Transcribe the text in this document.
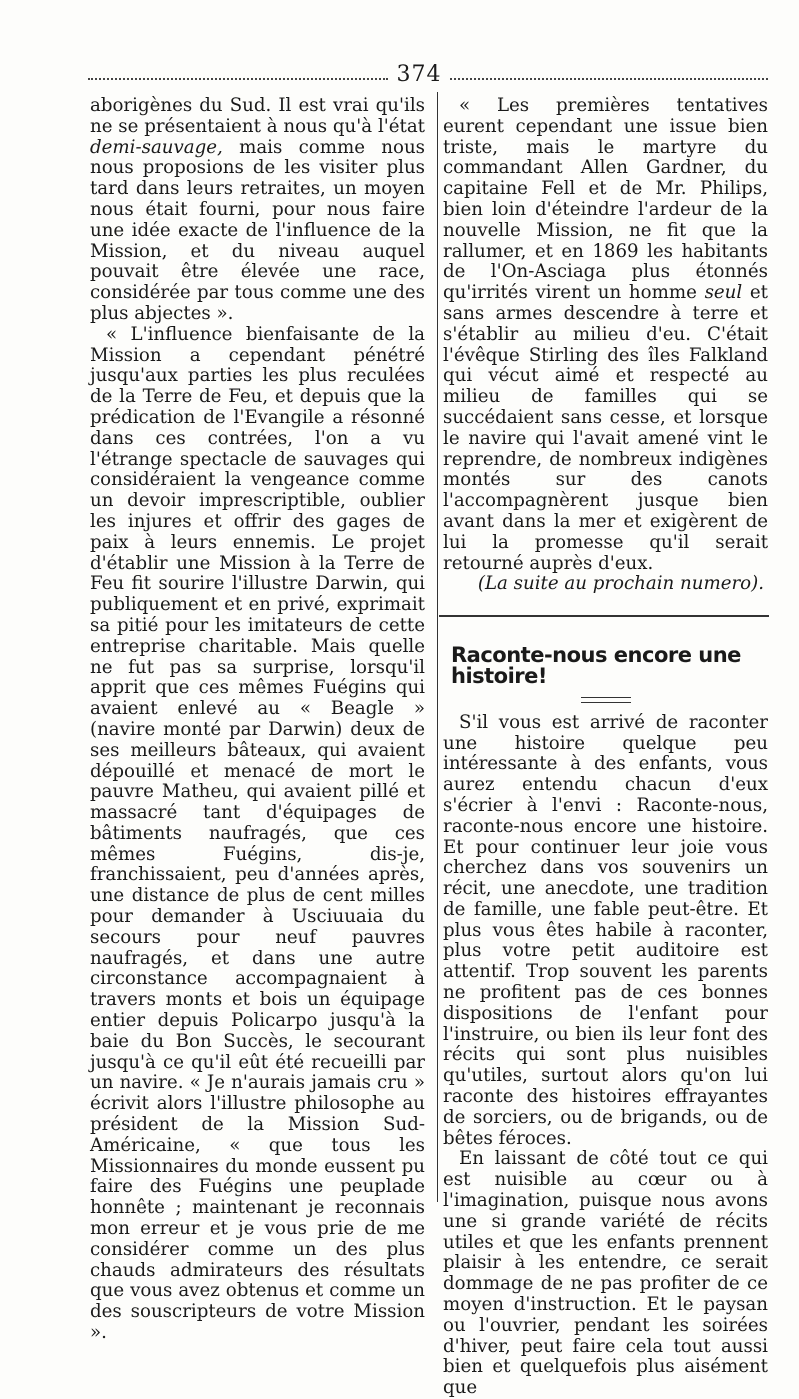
374

aborigènes du Sud. Il est vrai qu'ils ne se présentaient à nous qu'à l'état demi-sauvage, mais comme nous nous proposions de les visiter plus tard dans leurs retraites, un moyen nous était fourni, pour nous faire une idée exacte de l'influence de la Mission, et du niveau auquel pouvait être élevée une race, considérée par tous comme une des plus abjectes ».

« L'influence bienfaisante de la Mission a cependant pénétré jusqu'aux parties les plus reculées de la Terre de Feu, et depuis que la prédication de l'Evangile a résonné dans ces contrées, l'on a vu l'étrange spectacle de sauvages qui considéraient la vengeance comme un devoir imprescriptible, oublier les injures et offrir des gages de paix à leurs ennemis. Le projet d'établir une Mission à la Terre de Feu fit sourire l'illustre Darwin, qui publiquement et en privé, exprimait sa pitié pour les imitateurs de cette entreprise charitable. Mais quelle ne fut pas sa surprise, lorsqu'il apprit que ces mêmes Fuégins qui avaient enlevé au « Beagle » (navire monté par Darwin) deux de ses meilleurs bâteaux, qui avaient dépouillé et menacé de mort le pauvre Matheu, qui avaient pillé et massacré tant d'équipages de bâtiments naufragés, que ces mêmes Fuégins, dis-je, franchissaient, peu d'années après, une distance de plus de cent milles pour demander à Usciuuaia du secours pour neuf pauvres naufragés, et dans une autre circonstance accompagnaient à travers monts et bois un équipage entier depuis Policarpo jusqu'à la baie du Bon Succès, le secourant jusqu'à ce qu'il eût été recueilli par un navire. « Je n'aurais jamais cru » écrivit alors l'illustre philosophe au président de la Mission Sud-Américaine, « que tous les Missionnaires du monde eussent pu faire des Fuégins une peuplade honnête ; maintenant je reconnais mon erreur et je vous prie de me considérer comme un des plus chauds admirateurs des résultats que vous avez obtenus et comme un des souscripteurs de votre Mission ».

« Les premières tentatives eurent cependant une issue bien triste, mais le martyre du commandant Allen Gardner, du capitaine Fell et de Mr. Philips, bien loin d'éteindre l'ardeur de la nouvelle Mission, ne fit que la rallumer, et en 1869 les habitants de l'On-Asciaga plus étonnés qu'irrités virent un homme seul et sans armes descendre à terre et s'établir au milieu d'eu. C'était l'évêque Stirling des îles Falkland qui vécut aimé et respecté au milieu de familles qui se succédaient sans cesse, et lorsque le navire qui l'avait amené vint le reprendre, de nombreux indigènes montés sur des canots l'accompagnèrent jusque bien avant dans la mer et exigèrent de lui la promesse qu'il serait retourné auprès d'eux.

(La suite au prochain numero).

Raconte-nous encore une histoire!

S'il vous est arrivé de raconter une histoire quelque peu intéressante à des enfants, vous aurez entendu chacun d'eux s'écrier à l'envi : Raconte-nous, raconte-nous encore une histoire. Et pour continuer leur joie vous cherchez dans vos souvenirs un récit, une anecdote, une tradition de famille, une fable peut-être. Et plus vous êtes habile à raconter, plus votre petit auditoire est attentif. Trop souvent les parents ne profitent pas de ces bonnes dispositions de l'enfant pour l'instruire, ou bien ils leur font des récits qui sont plus nuisibles qu'utiles, surtout alors qu'on lui raconte des histoires effrayantes de sorciers, ou de brigands, ou de bêtes féroces.

En laissant de côté tout ce qui est nuisible au cœur ou à l'imagination, puisque nous avons une si grande variété de récits utiles et que les enfants prennent plaisir à les entendre, ce serait dommage de ne pas profiter de ce moyen d'instruction. Et le paysan ou l'ouvrier, pendant les soirées d'hiver, peut faire cela tout aussi bien et quelquefois plus aisément que
